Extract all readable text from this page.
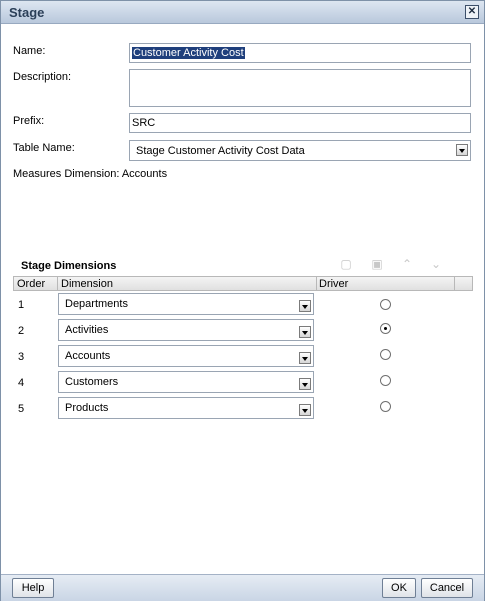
Stage	✕
Name:	Customer Activity Cost
Description:
Prefix:	SRC
Table Name:	Stage Customer Activity Cost Data
Measures Dimension: Accounts
Stage Dimensions	▢ ▣ ⌃ ⌄
Order Dimension	Driver
1	Departments
2	Activities
3	Accounts
4	Customers
5	Products
Help	OK	Cancel
